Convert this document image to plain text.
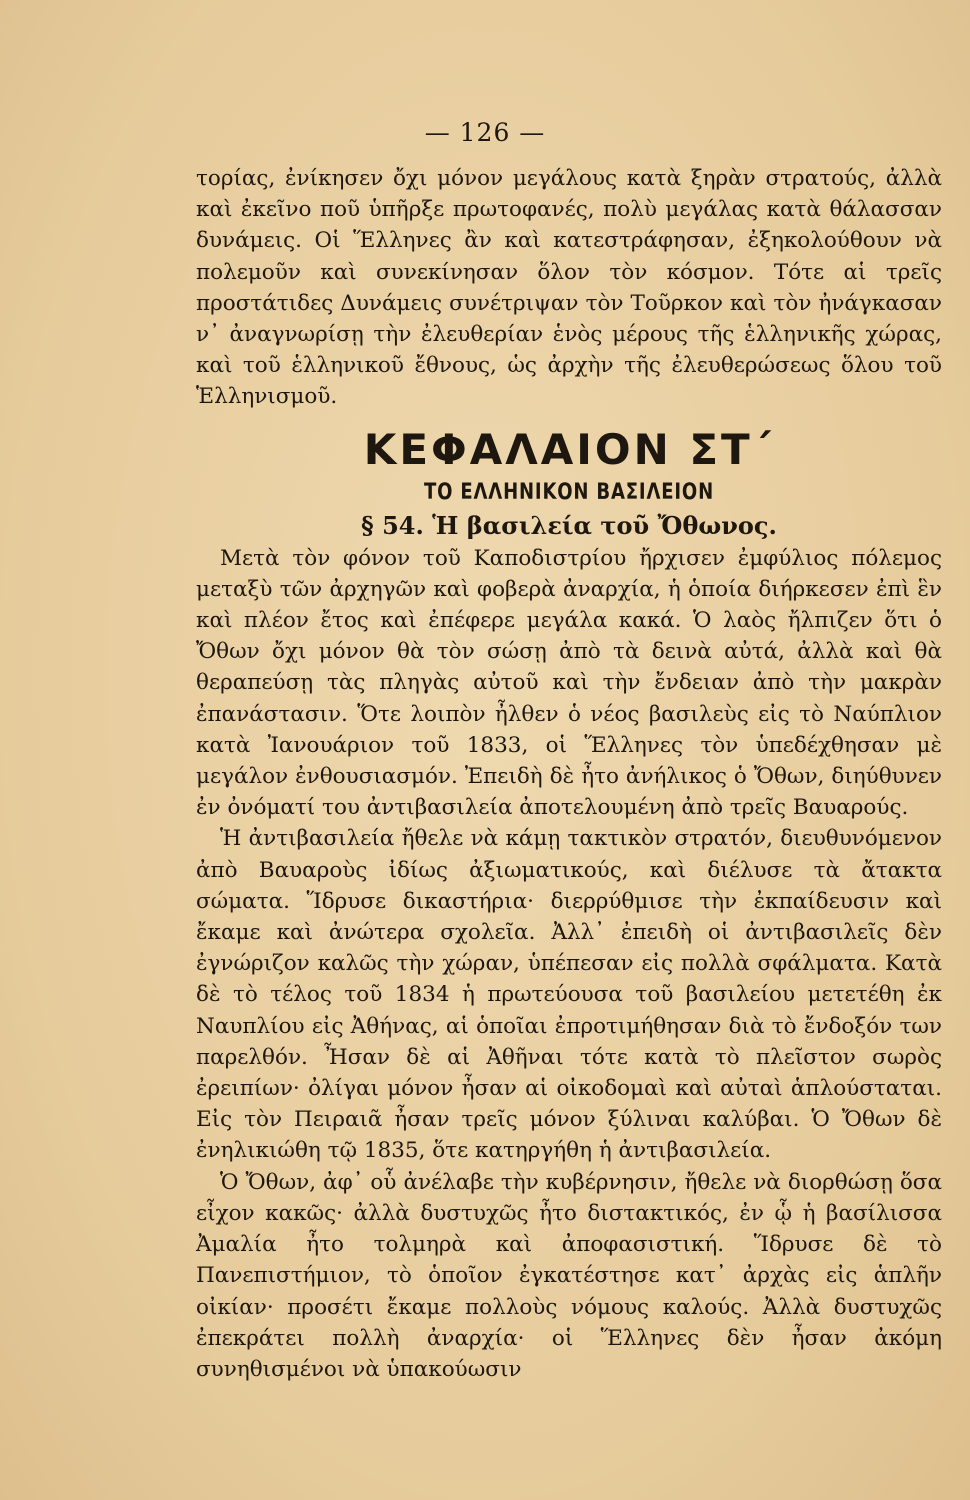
— 126 —

τορίας, ἐνίκησεν ὄχι μόνον μεγάλους κατὰ ξηρὰν στρατούς, ἀλλὰ καὶ ἐκεῖνο ποῦ ὑπῆρξε πρωτοφανές, πολὺ μεγάλας κατὰ θάλασσαν δυνάμεις. Οἱ Ἕλληνες ἂν καὶ κατεστράφησαν, ἐξηκολούθουν νὰ πολεμοῦν καὶ συνεκίνησαν ὅλον τὸν κόσμον. Τότε αἱ τρεῖς προστάτιδες Δυνάμεις συνέτριψαν τὸν Τοῦρκον καὶ τὸν ἠνάγκασαν ν᾽ ἀναγνωρίσῃ τὴν ἐλευθερίαν ἑνὸς μέρους τῆς ἑλληνικῆς χώρας, καὶ τοῦ ἑλληνικοῦ ἔθνους, ὡς ἀρχὴν τῆς ἐλευθερώσεως ὅλου τοῦ Ἑλληνισμοῦ.

ΚΕΦΑΛΑΙΟΝ ΣΤ΄
ΤΟ ΕΛΛΗΝΙΚΟΝ ΒΑΣΙΛΕΙΟΝ
§ 54. Ἡ βασιλεία τοῦ Ὄθωνος.

Μετὰ τὸν φόνον τοῦ Καποδιστρίου ἤρχισεν ἐμφύλιος πόλεμος μεταξὺ τῶν ἀρχηγῶν καὶ φοβερὰ ἀναρχία, ἡ ὁποία διήρκεσεν ἐπὶ ἓν καὶ πλέον ἔτος καὶ ἐπέφερε μεγάλα κακά. Ὁ λαὸς ἤλπιζεν ὅτι ὁ Ὄθων ὄχι μόνον θὰ τὸν σώσῃ ἀπὸ τὰ δεινὰ αὐτά, ἀλλὰ καὶ θὰ θεραπεύσῃ τὰς πληγὰς αὐτοῦ καὶ τὴν ἔνδειαν ἀπὸ τὴν μακρὰν ἐπανάστασιν. Ὅτε λοιπὸν ἦλθεν ὁ νέος βασιλεὺς εἰς τὸ Ναύπλιον κατὰ Ἰανουάριον τοῦ 1833, οἱ Ἕλληνες τὸν ὑπεδέχθησαν μὲ μεγάλον ἐνθουσιασμόν. Ἐπειδὴ δὲ ἦτο ἀνήλικος ὁ Ὄθων, διηύθυνεν ἐν ὀνόματί του ἀντιβασιλεία ἀποτελουμένη ἀπὸ τρεῖς Βαυαρούς.

Ἡ ἀντιβασιλεία ἤθελε νὰ κάμῃ τακτικὸν στρατόν, διευθυνόμενον ἀπὸ Βαυαροὺς ἰδίως ἀξιωματικούς, καὶ διέλυσε τὰ ἄτακτα σώματα. Ἵδρυσε δικαστήρια· διερρύθμισε τὴν ἐκπαίδευσιν καὶ ἔκαμε καὶ ἀνώτερα σχολεῖα. Ἀλλ᾽ ἐπειδὴ οἱ ἀντιβασιλεῖς δὲν ἐγνώριζον καλῶς τὴν χώραν, ὑπέπεσαν εἰς πολλὰ σφάλματα. Κατὰ δὲ τὸ τέλος τοῦ 1834 ἡ πρωτεύουσα τοῦ βασιλείου μετετέθη ἐκ Ναυπλίου εἰς Ἀθήνας, αἱ ὁποῖαι ἐπροτιμήθησαν διὰ τὸ ἔνδοξόν των παρελθόν. Ἦσαν δὲ αἱ Ἀθῆναι τότε κατὰ τὸ πλεῖστον σωρὸς ἐρειπίων· ὀλίγαι μόνον ἦσαν αἱ οἰκοδομαὶ καὶ αὐταὶ ἁπλούσταται. Εἰς τὸν Πειραιᾶ ἦσαν τρεῖς μόνον ξύλιναι καλύβαι. Ὁ Ὄθων δὲ ἐνηλικιώθη τῷ 1835, ὅτε κατηργήθη ἡ ἀντιβασιλεία.

Ὁ Ὄθων, ἀφ᾽ οὗ ἀνέλαβε τὴν κυβέρνησιν, ἤθελε νὰ διορθώσῃ ὅσα εἶχον κακῶς· ἀλλὰ δυστυχῶς ἦτο διστακτικός, ἐν ᾧ ἡ βασίλισσα Ἀμαλία ἦτο τολμηρὰ καὶ ἀποφασιστική. Ἵδρυσε δὲ τὸ Πανεπιστήμιον, τὸ ὁποῖον ἐγκατέστησε κατ᾽ ἀρχὰς εἰς ἁπλῆν οἰκίαν· προσέτι ἔκαμε πολλοὺς νόμους καλούς. Ἀλλὰ δυστυχῶς ἐπεκράτει πολλὴ ἀναρχία· οἱ Ἕλληνες δὲν ἦσαν ἀκόμη συνηθισμένοι νὰ ὑπακούωσιν
